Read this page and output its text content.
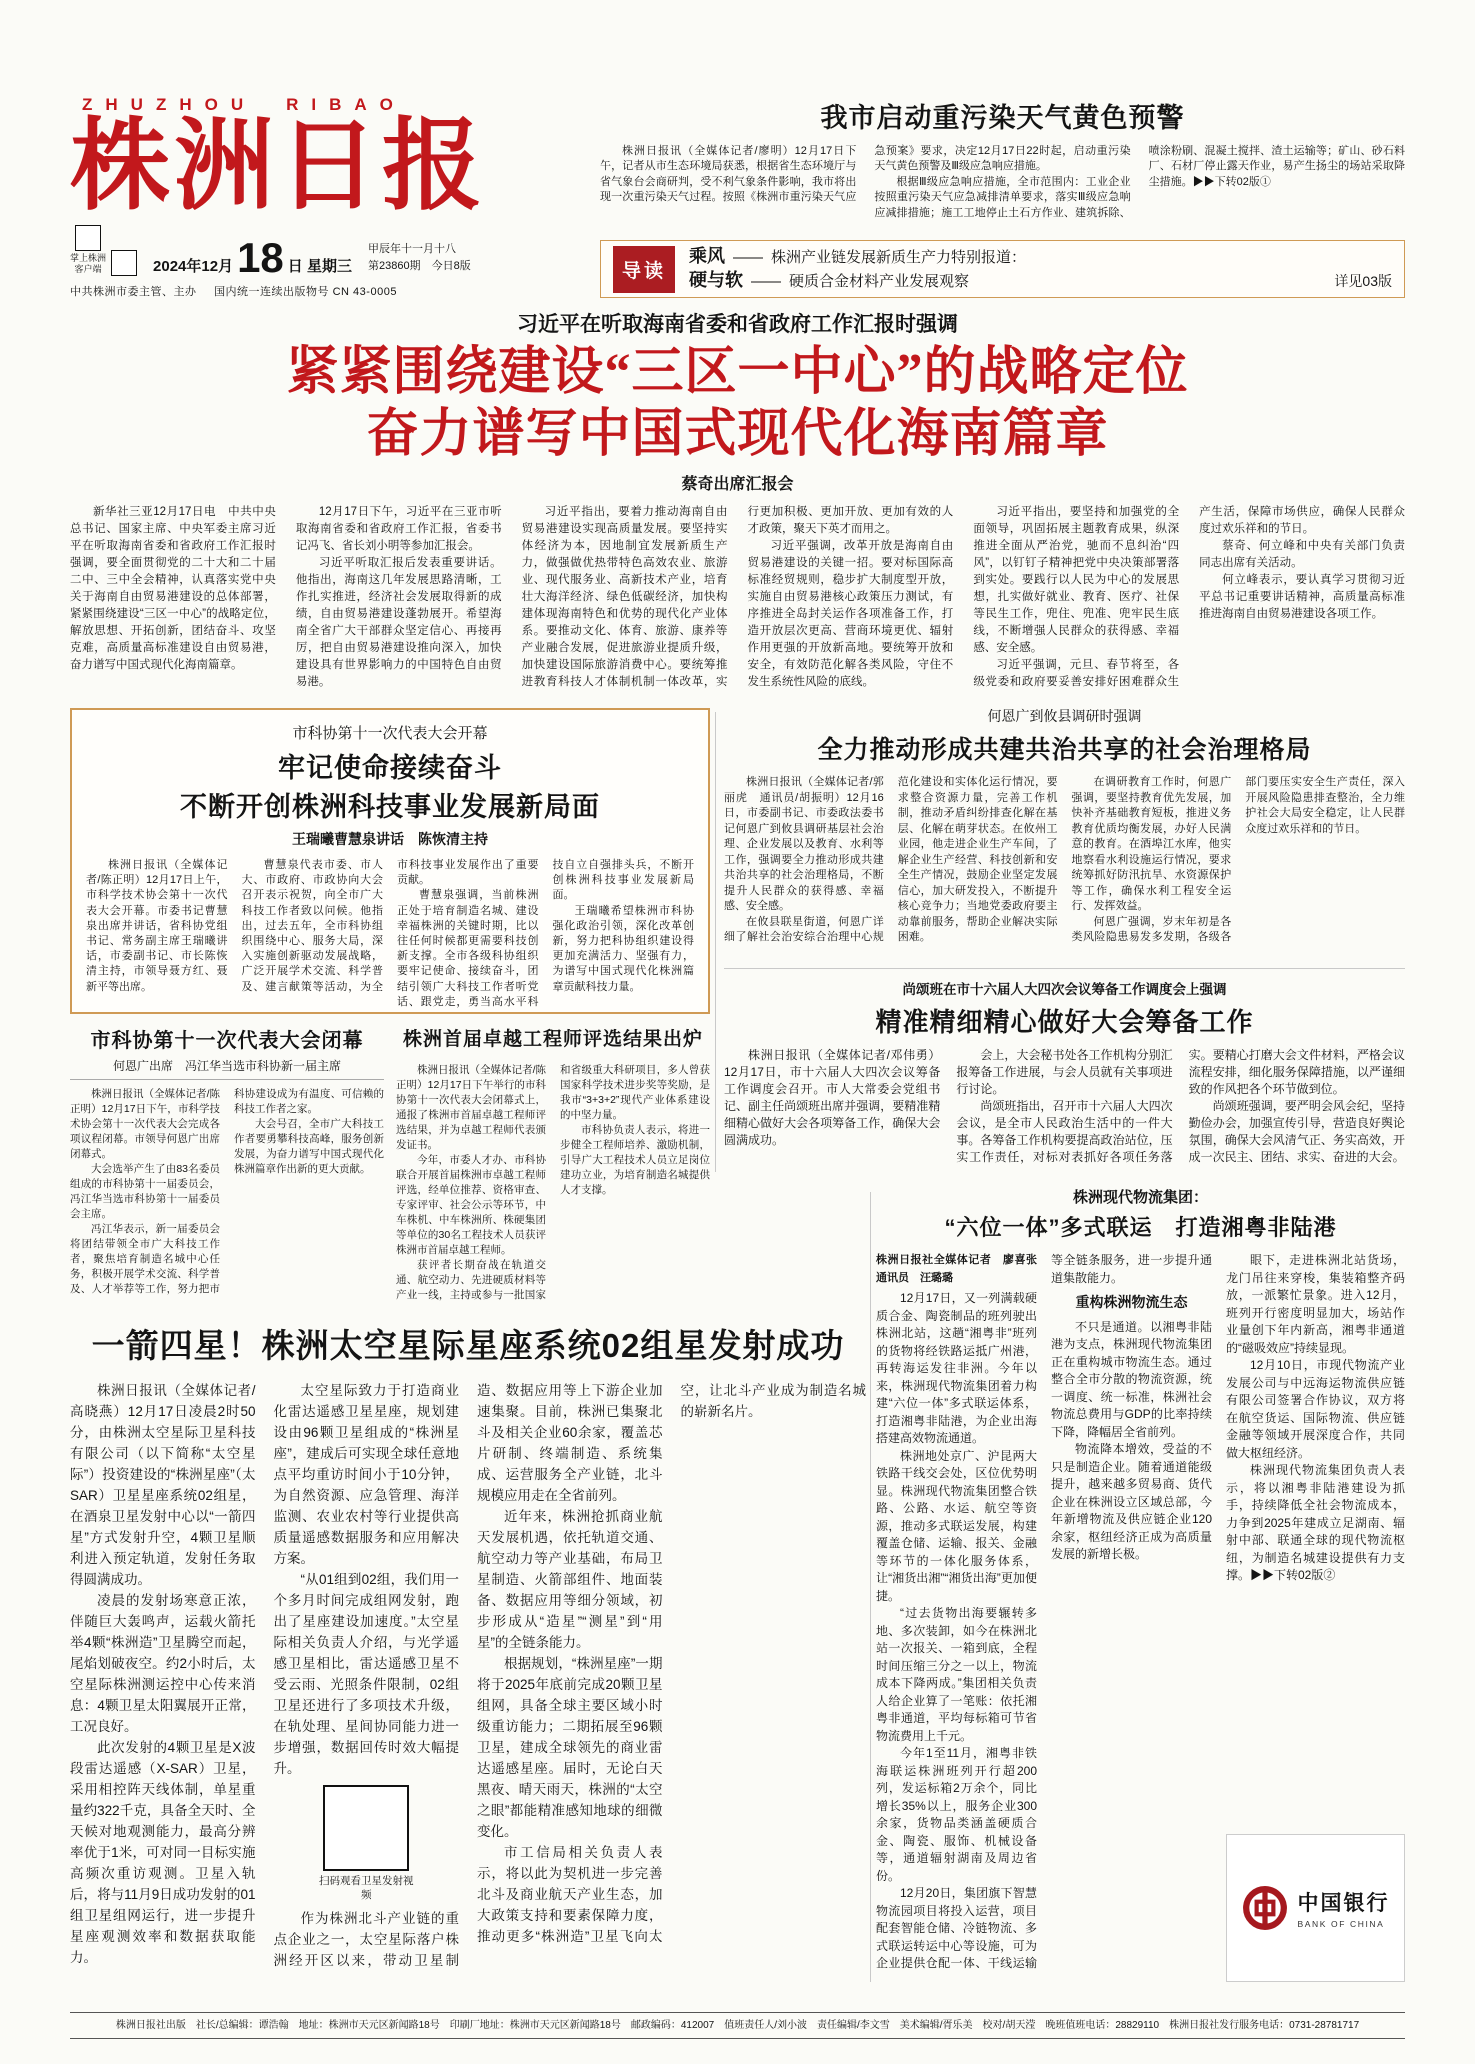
ZHUZHOU　RIBAO
株洲日报
掌上株洲
客户端	2024年12月 18 日 星期三
甲辰年十一月十八
第23860期 今日8版
中共株洲市委主管、主办 国内统一连续出版物号 CN 43-0005
我市启动重污染天气黄色预警

株洲日报讯（全媒体记者/廖明）12月17日下午，记者从市生态环境局获悉，根据省生态环境厅与省气象台会商研判，受不利气象条件影响，我市将出现一次重污染天气过程。按照《株洲市重污染天气应急预案》要求，决定12月17日22时起，启动重污染天气黄色预警及Ⅲ级应急响应措施。

根据Ⅲ级应急响应措施，全市范围内：工业企业按照重污染天气应急减排清单要求，落实Ⅲ级应急响应减排措施；施工工地停止土石方作业、建筑拆除、喷涂粉刷、混凝土搅拌、渣土运输等；矿山、砂石料厂、石材厂停止露天作业，易产生扬尘的场站采取降尘措施。▶▶下转02版①

导读
乘风 —— 株洲产业链发展新质生产力特别报道：
硬与软 —— 硬质合金材料产业发展观察	详见03版
习近平在听取海南省委和省政府工作汇报时强调
紧紧围绕建设“三区一中心”的战略定位
奋力谱写中国式现代化海南篇章
蔡奇出席汇报会

新华社三亚12月17日电　中共中央总书记、国家主席、中央军委主席习近平在听取海南省委和省政府工作汇报时强调，要全面贯彻党的二十大和二十届二中、三中全会精神，认真落实党中央关于海南自由贸易港建设的总体部署，紧紧围绕建设“三区一中心”的战略定位，解放思想、开拓创新，团结奋斗、攻坚克难，高质量高标准建设自由贸易港，奋力谱写中国式现代化海南篇章。

12月17日下午，习近平在三亚市听取海南省委和省政府工作汇报，省委书记冯飞、省长刘小明等参加汇报会。

习近平听取汇报后发表重要讲话。他指出，海南这几年发展思路清晰，工作扎实推进，经济社会发展取得新的成绩，自由贸易港建设蓬勃展开。希望海南全省广大干部群众坚定信心、再接再厉，把自由贸易港建设推向深入，加快建设具有世界影响力的中国特色自由贸易港。

习近平指出，要着力推动海南自由贸易港建设实现高质量发展。要坚持实体经济为本，因地制宜发展新质生产力，做强做优热带特色高效农业、旅游业、现代服务业、高新技术产业，培育壮大海洋经济、绿色低碳经济，加快构建体现海南特色和优势的现代化产业体系。要推动文化、体育、旅游、康养等产业融合发展，促进旅游业提质升级，加快建设国际旅游消费中心。要统筹推进教育科技人才体制机制一体改革，实行更加积极、更加开放、更加有效的人才政策，聚天下英才而用之。

习近平强调，改革开放是海南自由贸易港建设的关键一招。要对标国际高标准经贸规则，稳步扩大制度型开放，实施自由贸易港核心政策压力测试，有序推进全岛封关运作各项准备工作，打造开放层次更高、营商环境更优、辐射作用更强的开放新高地。要统筹开放和安全，有效防范化解各类风险，守住不发生系统性风险的底线。

习近平指出，要坚持和加强党的全面领导，巩固拓展主题教育成果，纵深推进全面从严治党，驰而不息纠治“四风”，以钉钉子精神把党中央决策部署落到实处。要践行以人民为中心的发展思想，扎实做好就业、教育、医疗、社保等民生工作，兜住、兜准、兜牢民生底线，不断增强人民群众的获得感、幸福感、安全感。

习近平强调，元旦、春节将至，各级党委和政府要妥善安排好困难群众生产生活，保障市场供应，确保人民群众度过欢乐祥和的节日。

蔡奇、何立峰和中央有关部门负责同志出席有关活动。

何立峰表示，要认真学习贯彻习近平总书记重要讲话精神，高质量高标准推进海南自由贸易港建设各项工作。

市科协第十一次代表大会开幕
牢记使命接续奋斗
不断开创株洲科技事业发展新局面
王瑞曦曹慧泉讲话　陈恢清主持

株洲日报讯（全媒体记者/陈正明）12月17日上午，市科学技术协会第十一次代表大会开幕。市委书记曹慧泉出席并讲话，省科协党组书记、常务副主席王瑞曦讲话，市委副书记、市长陈恢清主持，市领导聂方红、聂新平等出席。

曹慧泉代表市委、市人大、市政府、市政协向大会召开表示祝贺，向全市广大科技工作者致以问候。他指出，过去五年，全市科协组织围绕中心、服务大局，深入实施创新驱动发展战略，广泛开展学术交流、科学普及、建言献策等活动，为全市科技事业发展作出了重要贡献。

曹慧泉强调，当前株洲正处于培育制造名城、建设幸福株洲的关键时期，比以往任何时候都更需要科技创新支撑。全市各级科协组织要牢记使命、接续奋斗，团结引领广大科技工作者听党话、跟党走，勇当高水平科技自立自强排头兵，不断开创株洲科技事业发展新局面。

王瑞曦希望株洲市科协强化政治引领，深化改革创新，努力把科协组织建设得更加充满活力、坚强有力，为谱写中国式现代化株洲篇章贡献科技力量。

何恩广到攸县调研时强调
全力推动形成共建共治共享的社会治理格局

株洲日报讯（全媒体记者/郭丽虎　通讯员/胡振明）12月16日，市委副书记、市委政法委书记何恩广到攸县调研基层社会治理、企业发展以及教育、水利等工作，强调要全力推动形成共建共治共享的社会治理格局，不断提升人民群众的获得感、幸福感、安全感。

在攸县联星街道，何恩广详细了解社会治安综合治理中心规范化建设和实体化运行情况，要求整合资源力量，完善工作机制，推动矛盾纠纷排查化解在基层、化解在萌芽状态。在攸州工业园，他走进企业生产车间，了解企业生产经营、科技创新和安全生产情况，鼓励企业坚定发展信心，加大研发投入，不断提升核心竞争力；当地党委政府要主动靠前服务，帮助企业解决实际困难。

在调研教育工作时，何恩广强调，要坚持教育优先发展，加快补齐基础教育短板，推进义务教育优质均衡发展，办好人民满意的教育。在酒埠江水库，他实地察看水利设施运行情况，要求统筹抓好防汛抗旱、水资源保护等工作，确保水利工程安全运行、发挥效益。

何恩广强调，岁末年初是各类风险隐患易发多发期，各级各部门要压实安全生产责任，深入开展风险隐患排查整治，全力维护社会大局安全稳定，让人民群众度过欢乐祥和的节日。

尚颂班在市十六届人大四次会议筹备工作调度会上强调
精准精细精心做好大会筹备工作

株洲日报讯（全媒体记者/邓伟勇）12月17日，市十六届人大四次会议筹备工作调度会召开。市人大常委会党组书记、副主任尚颂班出席并强调，要精准精细精心做好大会各项筹备工作，确保大会圆满成功。

会上，大会秘书处各工作机构分别汇报筹备工作进展，与会人员就有关事项进行讨论。

尚颂班指出，召开市十六届人大四次会议，是全市人民政治生活中的一件大事。各筹备工作机构要提高政治站位，压实工作责任，对标对表抓好各项任务落实。要精心打磨大会文件材料，严格会议流程安排，细化服务保障措施，以严谨细致的作风把各个环节做到位。

尚颂班强调，要严明会风会纪，坚持勤俭办会，加强宣传引导，营造良好舆论氛围，确保大会风清气正、务实高效，开成一次民主、团结、求实、奋进的大会。

市科协第十一次代表大会闭幕
何恩广出席　冯江华当选市科协新一届主席

株洲日报讯（全媒体记者/陈正明）12月17日下午，市科学技术协会第十一次代表大会完成各项议程闭幕。市领导何恩广出席闭幕式。

大会选举产生了由83名委员组成的市科协第十一届委员会，冯江华当选市科协第十一届委员会主席。

冯江华表示，新一届委员会将团结带领全市广大科技工作者，聚焦培育制造名城中心任务，积极开展学术交流、科学普及、人才举荐等工作，努力把市科协建设成为有温度、可信赖的科技工作者之家。

大会号召，全市广大科技工作者要勇攀科技高峰，服务创新发展，为奋力谱写中国式现代化株洲篇章作出新的更大贡献。

株洲首届卓越工程师评选结果出炉

株洲日报讯（全媒体记者/陈正明）12月17日下午举行的市科协第十一次代表大会闭幕式上，通报了株洲市首届卓越工程师评选结果，并为卓越工程师代表颁发证书。

今年，市委人才办、市科协联合开展首届株洲市卓越工程师评选，经单位推荐、资格审查、专家评审、社会公示等环节，中车株机、中车株洲所、株硬集团等单位的30名工程技术人员获评株洲市首届卓越工程师。

获评者长期奋战在轨道交通、航空动力、先进硬质材料等产业一线，主持或参与一批国家和省级重大科研项目，多人曾获国家科学技术进步奖等奖励，是我市“3+3+2”现代产业体系建设的中坚力量。

市科协负责人表示，将进一步健全工程师培养、激励机制，引导广大工程技术人员立足岗位建功立业，为培育制造名城提供人才支撑。

一箭四星！株洲太空星际星座系统02组星发射成功

株洲日报讯（全媒体记者/高晓燕）12月17日凌晨2时50分，由株洲太空星际卫星科技有限公司（以下简称“太空星际”）投资建设的“株洲星座”（太SAR）卫星星座系统02组星，在酒泉卫星发射中心以“一箭四星”方式发射升空，4颗卫星顺利进入预定轨道，发射任务取得圆满成功。

凌晨的发射场寒意正浓，伴随巨大轰鸣声，运载火箭托举4颗“株洲造”卫星腾空而起，尾焰划破夜空。约2小时后，太空星际株洲测运控中心传来消息：4颗卫星太阳翼展开正常，工况良好。

此次发射的4颗卫星是X波段雷达遥感（X-SAR）卫星，采用相控阵天线体制，单星重量约322千克，具备全天时、全天候对地观测能力，最高分辨率优于1米，可对同一目标实施高频次重访观测。卫星入轨后，将与11月9日成功发射的01组卫星组网运行，进一步提升星座观测效率和数据获取能力。

太空星际致力于打造商业化雷达遥感卫星星座，规划建设由96颗卫星组成的“株洲星座”，建成后可实现全球任意地点平均重访时间小于10分钟，为自然资源、应急管理、海洋监测、农业农村等行业提供高质量遥感数据服务和应用解决方案。

“从01组到02组，我们用一个多月时间完成组网发射，跑出了星座建设加速度。”太空星际相关负责人介绍，与光学遥感卫星相比，雷达遥感卫星不受云雨、光照条件限制，02组卫星还进行了多项技术升级，在轨处理、星间协同能力进一步增强，数据回传时效大幅提升。

扫码观看卫星发射视频

作为株洲北斗产业链的重点企业之一，太空星际落户株洲经开区以来，带动卫星制造、数据应用等上下游企业加速集聚。目前，株洲已集聚北斗及相关企业60余家，覆盖芯片研制、终端制造、系统集成、运营服务全产业链，北斗规模应用走在全省前列。

近年来，株洲抢抓商业航天发展机遇，依托轨道交通、航空动力等产业基础，布局卫星制造、火箭部组件、地面装备、数据应用等细分领域，初步形成从“造星”“测星”到“用星”的全链条能力。

根据规划，“株洲星座”一期将于2025年底前完成20颗卫星组网，具备全球主要区域小时级重访能力；二期拓展至96颗卫星，建成全球领先的商业雷达遥感星座。届时，无论白天黑夜、晴天雨天，株洲的“太空之眼”都能精准感知地球的细微变化。

市工信局相关负责人表示，将以此为契机进一步完善北斗及商业航天产业生态，加大政策支持和要素保障力度，推动更多“株洲造”卫星飞向太空，让北斗产业成为制造名城的崭新名片。

株洲现代物流集团：
“六位一体”多式联运　打造湘粤非陆港
株洲日报社全媒体记者　廖喜张　通讯员　汪璐璐

12月17日，又一列满载硬质合金、陶瓷制品的班列驶出株洲北站，这趟“湘粤非”班列的货物将经铁路运抵广州港，再转海运发往非洲。今年以来，株洲现代物流集团着力构建“六位一体”多式联运体系，打造湘粤非陆港，为企业出海搭建高效物流通道。

株洲地处京广、沪昆两大铁路干线交会处，区位优势明显。株洲现代物流集团整合铁路、公路、水运、航空等资源，推动多式联运发展，构建覆盖仓储、运输、报关、金融等环节的一体化服务体系，让“湘货出湘”“湘货出海”更加便捷。

“过去货物出海要辗转多地、多次装卸，如今在株洲北站一次报关、一箱到底，全程时间压缩三分之一以上，物流成本下降两成。”集团相关负责人给企业算了一笔账：依托湘粤非通道，平均每标箱可节省物流费用上千元。

今年1至11月，湘粤非铁海联运株洲班列开行超200列，发运标箱2万余个，同比增长35%以上，服务企业300余家，货物品类涵盖硬质合金、陶瓷、服饰、机械设备等，通道辐射湖南及周边省份。

12月20日，集团旗下智慧物流园项目将投入运营，项目配套智能仓储、冷链物流、多式联运转运中心等设施，可为企业提供仓配一体、干线运输等全链条服务，进一步提升通道集散能力。

重构株洲物流生态

不只是通道。以湘粤非陆港为支点，株洲现代物流集团正在重构城市物流生态。通过整合全市分散的物流资源，统一调度、统一标准，株洲社会物流总费用与GDP的比率持续下降，降幅居全省前列。

物流降本增效，受益的不只是制造企业。随着通道能级提升，越来越多贸易商、货代企业在株洲设立区域总部，今年新增物流及供应链企业120余家，枢纽经济正成为高质量发展的新增长极。

眼下，走进株洲北站货场，龙门吊往来穿梭，集装箱整齐码放，一派繁忙景象。进入12月，班列开行密度明显加大，场站作业量创下年内新高，湘粤非通道的“磁吸效应”持续显现。

12月10日，市现代物流产业发展公司与中远海运物流供应链有限公司签署合作协议，双方将在航空货运、国际物流、供应链金融等领域开展深度合作，共同做大枢纽经济。

株洲现代物流集团负责人表示，将以湘粤非陆港建设为抓手，持续降低全社会物流成本，力争到2025年建成立足湖南、辐射中部、联通全球的现代物流枢纽，为制造名城建设提供有力支撑。▶▶下转02版②

中国银行
BANK OF CHINA
株洲日报社出版　社长/总编辑：谭浩翰　地址：株洲市天元区新闻路18号　印刷厂地址：株洲市天元区新闻路18号　邮政编码：412007　值班责任人/刘小波　责任编辑/李文雪　美术编辑/胥乐美　校对/胡天滢　晚班值班电话：28829110　株洲日报社发行服务电话：0731-28781717
